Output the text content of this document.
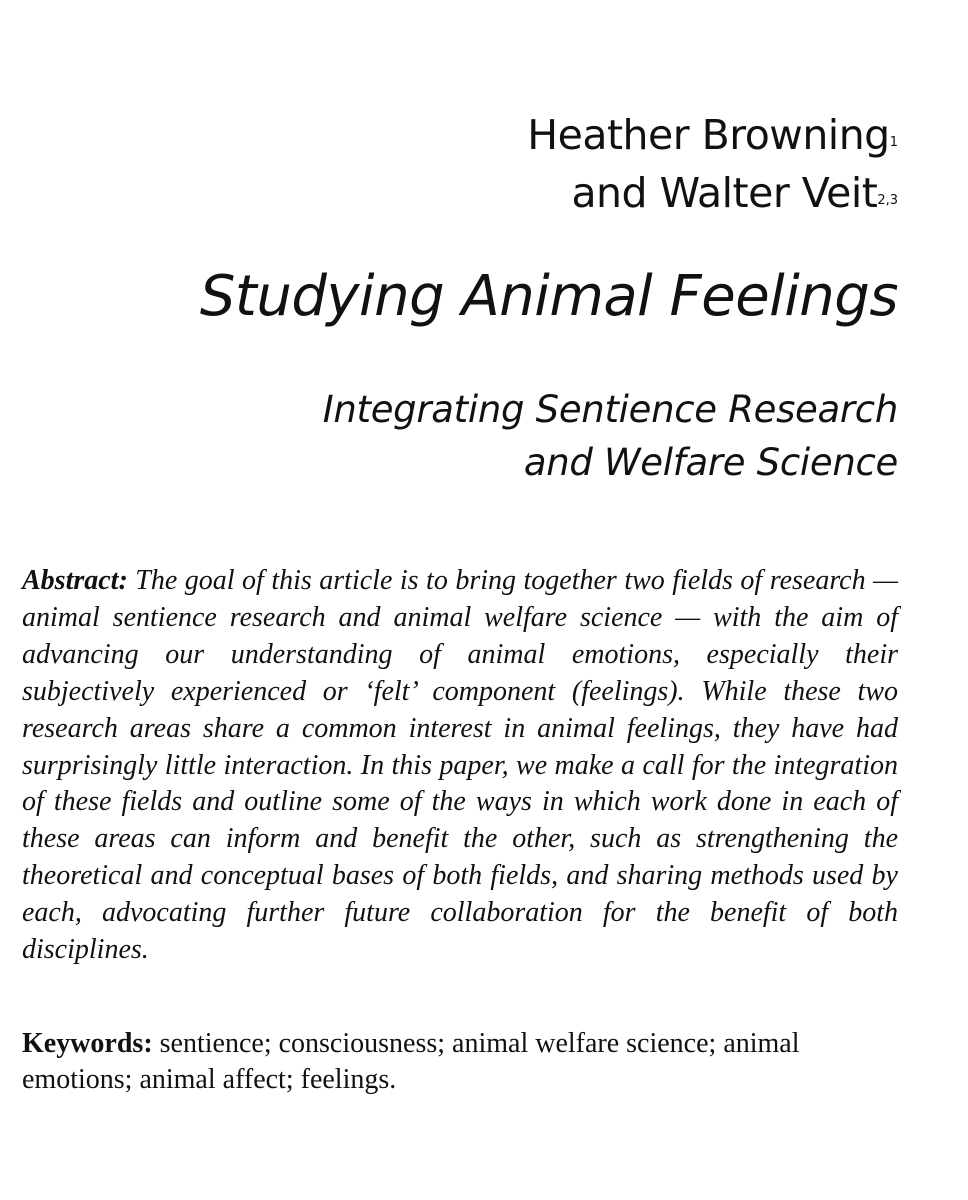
Heather Browning$^1$
and Walter Veit$^{2,3}$
Studying Animal Feelings
Integrating Sentience Research and Welfare Science

Abstract: The goal of this article is to bring together two fields of research — animal sentience research and animal welfare science — with the aim of advancing our understanding of animal emotions, especially their subjectively experienced or ‘felt’ component (feelings). While these two research areas share a common interest in animal feelings, they have had surprisingly little interaction. In this paper, we make a call for the integration of these fields and outline some of the ways in which work done in each of these areas can inform and benefit the other, such as strengthening the theoretical and conceptual bases of both fields, and sharing methods used by each, advocating further future collaboration for the benefit of both disciplines.

Keywords: sentience; consciousness; animal welfare science; animal emotions; animal affect; feelings.
